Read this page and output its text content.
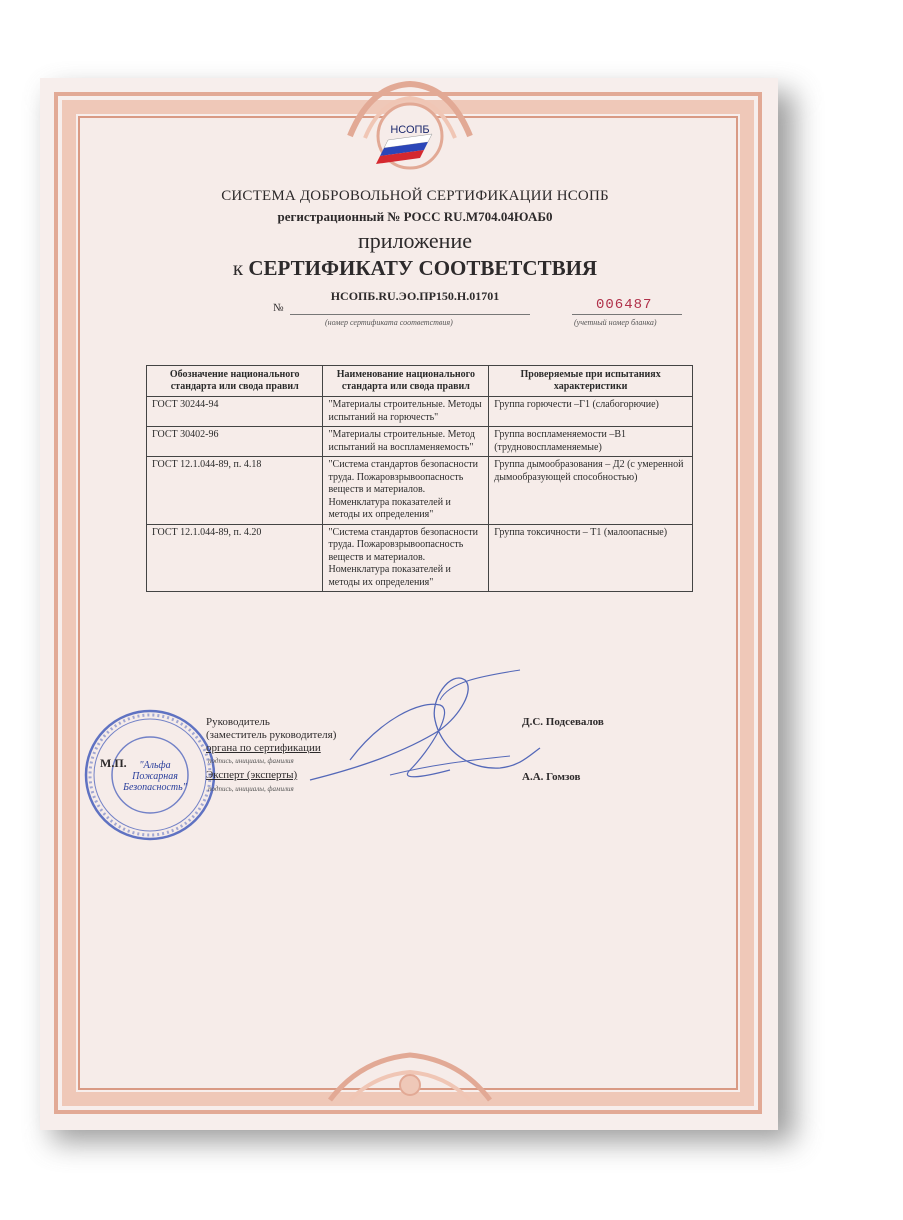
НСОПБ
СИСТЕМА ДОБРОВОЛЬНОЙ СЕРТИФИКАЦИИ НСОПБ
регистрационный № РОСС RU.M704.04ЮАБ0
приложение
к СЕРТИФИКАТУ СООТВЕТСТВИЯ
НСОПБ.RU.ЭО.ПР150.Н.01701
№
(номер сертификата соответствия)	(учетный номер бланка)
006487
Обозначение национального стандарта или свода правил	Наименование национального стандарта или свода правил	Проверяемые при испытаниях характеристики
ГОСТ 30244-94	"Материалы строительные. Методы испытаний на горючесть"	Группа горючести –Г1 (слабогорючие)
ГОСТ 30402-96	"Материалы строительные. Метод испытаний на воспламеняемость"	Группа воспламеняемости –В1 (трудновоспламеняемые)
ГОСТ 12.1.044-89, п. 4.18	"Система стандартов безопасности труда. Пожаровзрывоопасность веществ и материалов. Номенклатура показателей и методы их определения"	Группа дымообразования – Д2 (с умеренной дымообразующей способностью)
ГОСТ 12.1.044-89, п. 4.20	"Система стандартов безопасности труда. Пожаровзрывоопасность веществ и материалов. Номенклатура показателей и методы их определения"	Группа токсичности – Т1 (малоопасные)
"Альфа
Пожарная
Безопасность"
М.П.
Руководитель
(заместитель руководителя)
органа по сертификации
подпись, инициалы, фамилия
Эксперт (эксперты)
подпись, инициалы, фамилия
Д.С. Подсевалов
А.А. Гомзов
